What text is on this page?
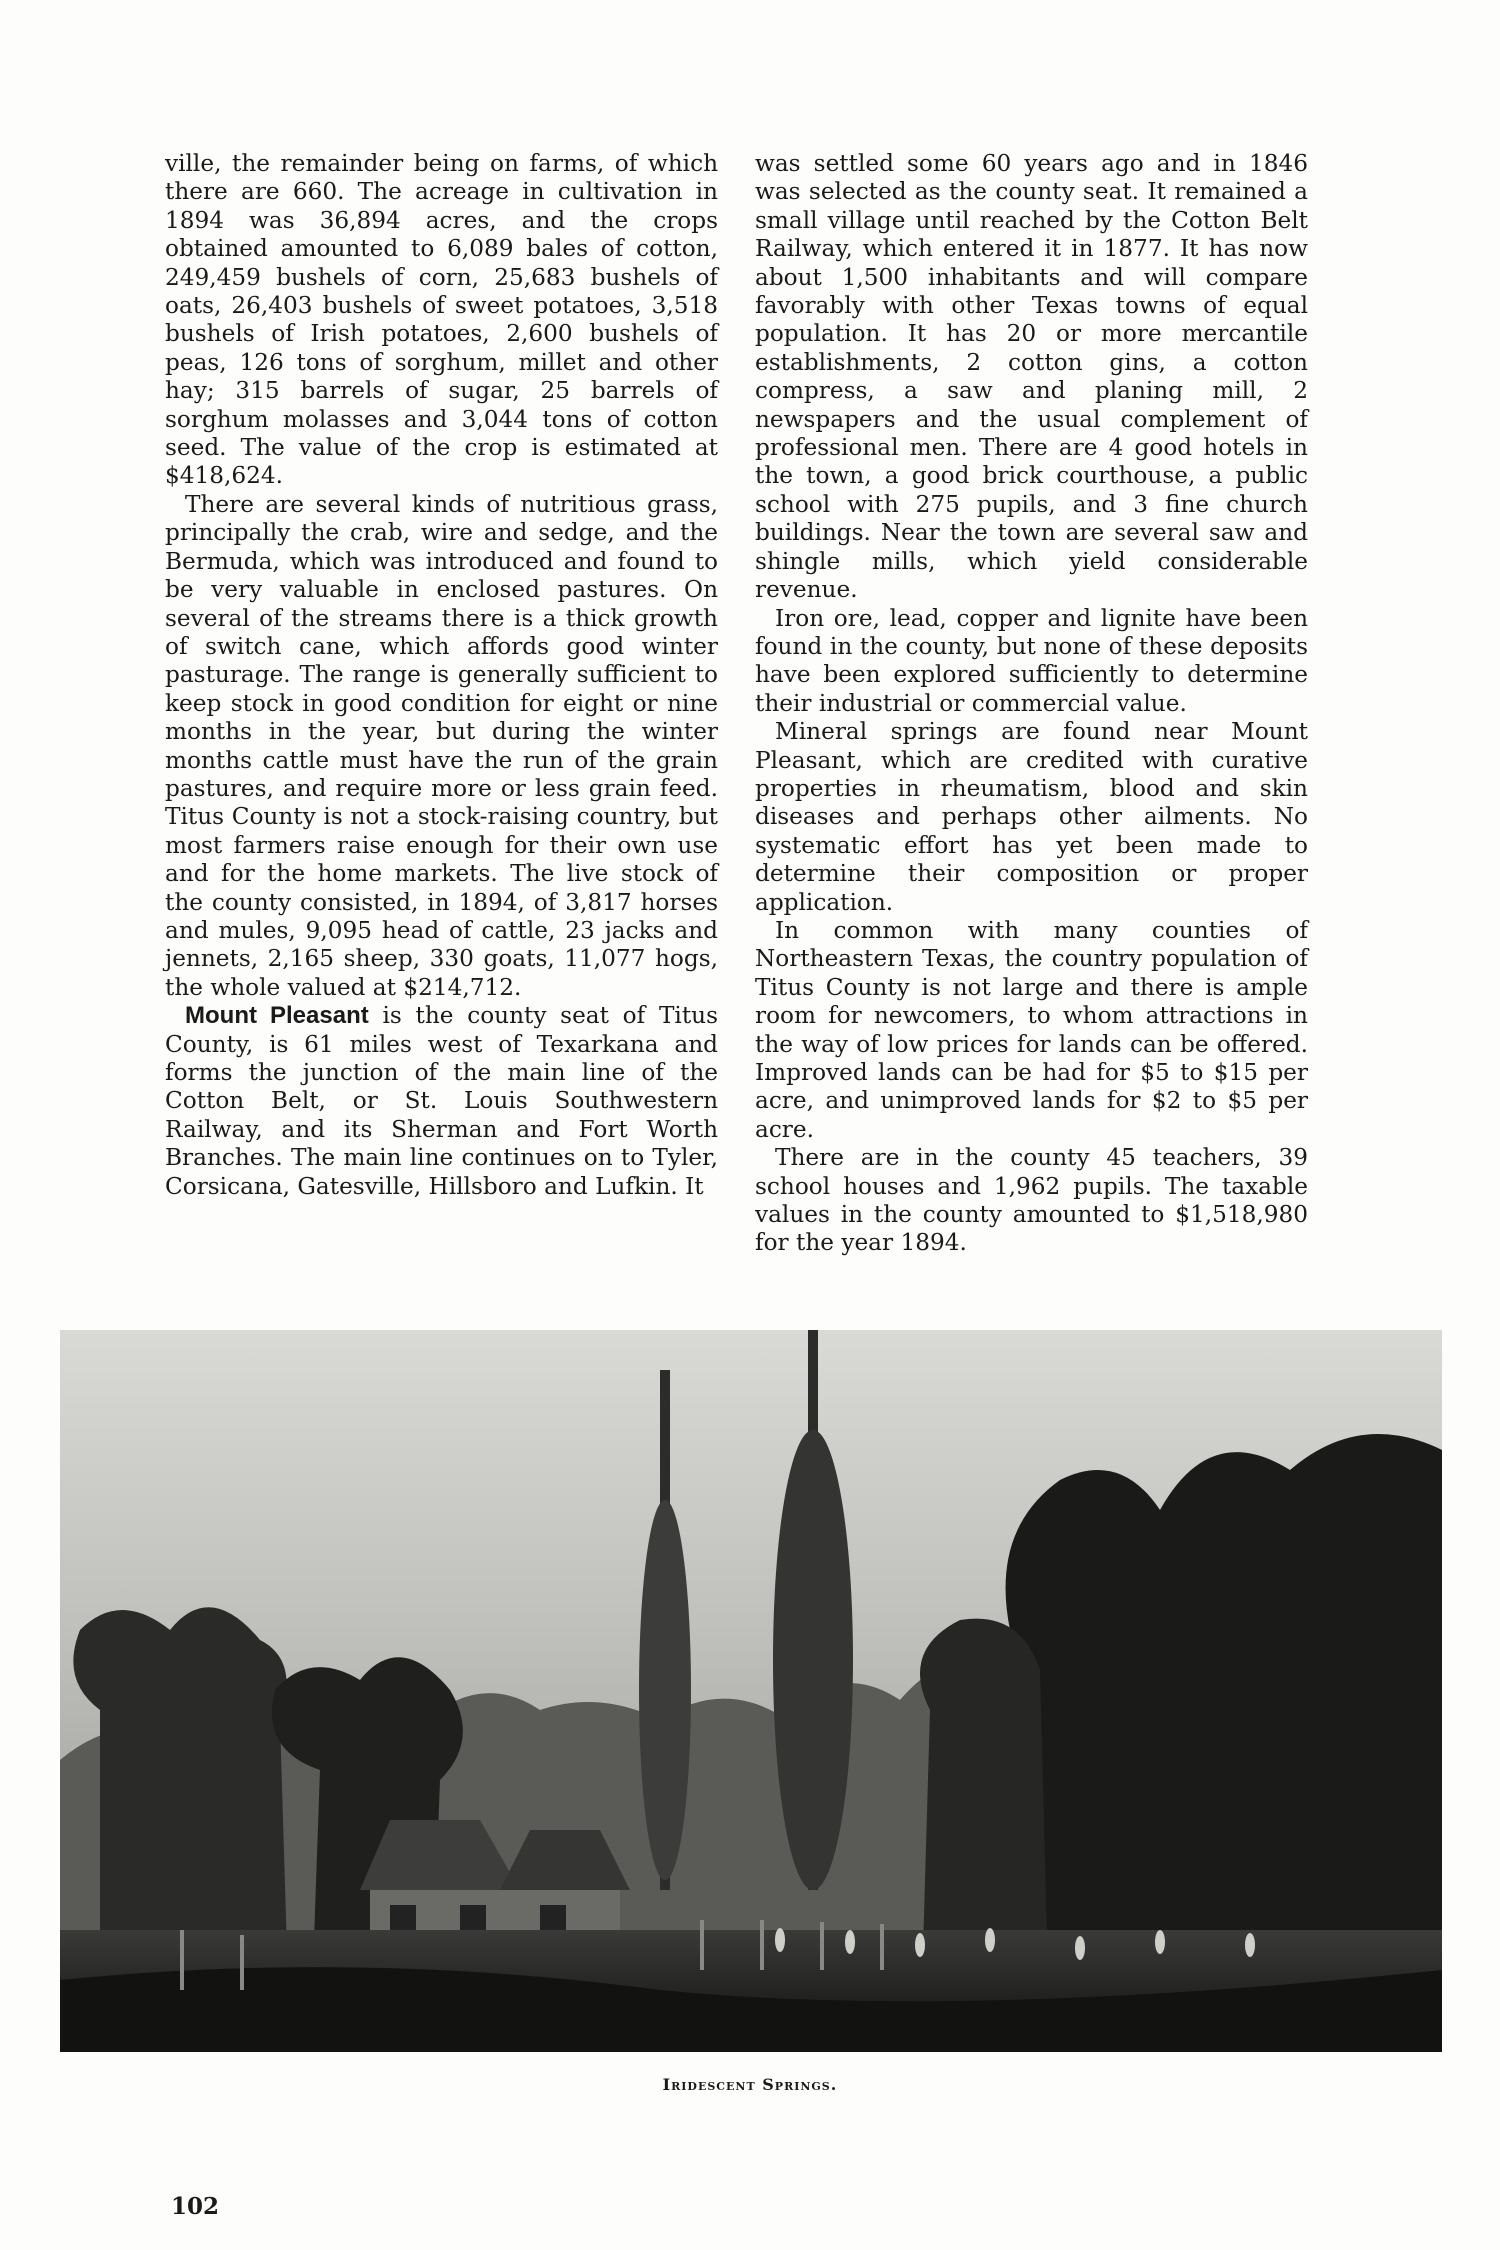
ville, the remainder being on farms, of which there are 660. The acreage in cultivation in 1894 was 36,894 acres, and the crops obtained amounted to 6,089 bales of cotton, 249,459 bushels of corn, 25,683 bushels of oats, 26,403 bushels of sweet potatoes, 3,518 bushels of Irish potatoes, 2,600 bushels of peas, 126 tons of sorghum, millet and other hay; 315 barrels of sugar, 25 barrels of sorghum molasses and 3,044 tons of cotton seed. The value of the crop is estimated at $418,624.

There are several kinds of nutritious grass, principally the crab, wire and sedge, and the Bermuda, which was introduced and found to be very valuable in enclosed pastures. On several of the streams there is a thick growth of switch cane, which affords good winter pasturage. The range is generally sufficient to keep stock in good condition for eight or nine months in the year, but during the winter months cattle must have the run of the grain pastures, and require more or less grain feed. Titus County is not a stock-raising country, but most farmers raise enough for their own use and for the home markets. The live stock of the county consisted, in 1894, of 3,817 horses and mules, 9,095 head of cattle, 23 jacks and jennets, 2,165 sheep, 330 goats, 11,077 hogs, the whole valued at $214,712.

Mount Pleasant is the county seat of Titus County, is 61 miles west of Texarkana and forms the junction of the main line of the Cotton Belt, or St. Louis Southwestern Railway, and its Sherman and Fort Worth Branches. The main line continues on to Tyler, Corsicana, Gatesville, Hillsboro and Lufkin. It

was settled some 60 years ago and in 1846 was selected as the county seat. It remained a small village until reached by the Cotton Belt Railway, which entered it in 1877. It has now about 1,500 inhabitants and will compare favorably with other Texas towns of equal population. It has 20 or more mercantile establishments, 2 cotton gins, a cotton compress, a saw and planing mill, 2 newspapers and the usual complement of professional men. There are 4 good hotels in the town, a good brick courthouse, a public school with 275 pupils, and 3 fine church buildings. Near the town are several saw and shingle mills, which yield considerable revenue.

Iron ore, lead, copper and lignite have been found in the county, but none of these deposits have been explored sufficiently to determine their industrial or commercial value.

Mineral springs are found near Mount Pleasant, which are credited with curative properties in rheumatism, blood and skin diseases and perhaps other ailments. No systematic effort has yet been made to determine their composition or proper application.

In common with many counties of Northeastern Texas, the country population of Titus County is not large and there is ample room for newcomers, to whom attractions in the way of low prices for lands can be offered. Improved lands can be had for $5 to $15 per acre, and unimproved lands for $2 to $5 per acre.

There are in the county 45 teachers, 39 school houses and 1,962 pupils. The taxable values in the county amounted to $1,518,980 for the year 1894.

Iridescent Springs.
102
